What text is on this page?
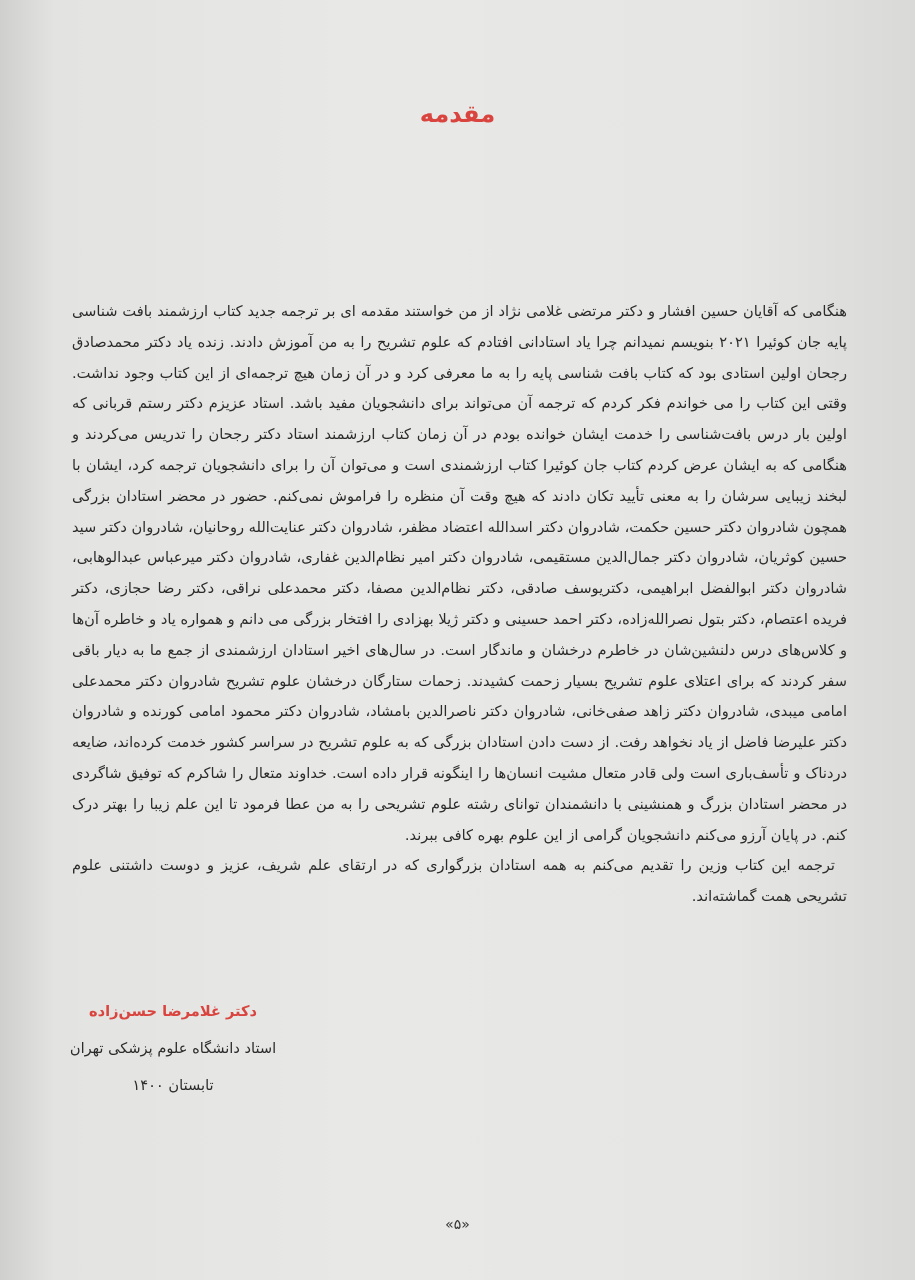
مقدمه

هنگامی که آقایان حسین افشار و دکتر مرتضی غلامی نژاد از من خواستند مقدمه ای بر ترجمه جدید کتاب ارزشمند بافت شناسی پایه جان کوئیرا ۲۰۲۱ بنویسم نمیدانم چرا یاد استادانی افتادم که علوم تشریح را به من آموزش دادند. زنده یاد دکتر محمدصادق رجحان اولین استادی بود که کتاب بافت شناسی پایه را به ما معرفی کرد و در آن زمان هیچ ترجمه‌ای از این کتاب وجود نداشت. وقتی این کتاب را می خواندم فکر کردم که ترجمه آن می‌تواند برای دانشجویان مفید باشد. استاد عزیزم دکتر رستم قربانی که اولین بار درس بافت‌شناسی را خدمت ایشان خوانده بودم در آن زمان کتاب ارزشمند استاد دکتر رجحان را تدریس می‌کردند و هنگامی که به ایشان عرض کردم کتاب جان کوئیرا کتاب ارزشمندی است و می‌توان آن را برای دانشجویان ترجمه کرد، ایشان با لبخند زیبایی سرشان را به معنی تأیید تکان دادند که هیچ وقت آن منظره را فراموش نمی‌کنم. حضور در محضر استادان بزرگی همچون شادروان دکتر حسین حکمت، شادروان دکتر اسدالله اعتضاد مظفر، شادروان دکتر عنایت‌الله روحانیان، شادروان دکتر سید حسین کوثریان، شادروان دکتر جمال‌الدین مستقیمی، شادروان دکتر امیر نظام‌الدین غفاری، شادروان دکتر میرعباس عبدالوهابی، شادروان دکتر ابوالفضل ابراهیمی، دکتریوسف صادقی، دکتر نظام‌الدین مصفا، دکتر محمدعلی نراقی، دکتر رضا حجازی، دکتر فریده اعتصام، دکتر بتول نصرالله‌زاده، دکتر احمد حسینی و دکتر ژیلا بهزادی را افتخار بزرگی می دانم و همواره یاد و خاطره آن‌ها و کلاس‌های درس دلنشین‌شان در خاطرم درخشان و ماندگار است. در سال‌های اخیر استادان ارزشمندی از جمع ما به دیار باقی سفر کردند که برای اعتلای علوم تشریح بسیار زحمت کشیدند. زحمات ستارگان درخشان علوم تشریح شادروان دکتر محمدعلی امامی میبدی، شادروان دکتر زاهد صفی‌خانی، شادروان دکتر ناصرالدین بامشاد، شادروان دکتر محمود امامی کورنده و شادروان دکتر علیرضا فاضل از یاد نخواهد رفت. از دست دادن استادان بزرگی که به علوم تشریح در سراسر کشور خدمت کرده‌اند، ضایعه دردناک و تأسف‌باری است ولی قادر متعال مشیت انسان‌ها را اینگونه قرار داده است. خداوند متعال را شاکرم که توفیق شاگردی در محضر استادان بزرگ و همنشینی با دانشمندان توانای رشته علوم تشریحی را به من عطا فرمود تا این علم زیبا را بهتر درک کنم. در پایان آرزو می‌کنم دانشجویان گرامی از این علوم بهره کافی ببرند.

ترجمه این کتاب وزین را تقدیم می‌کنم به همه استادان بزرگواری که در ارتقای علم شریف، عزیز و دوست داشتنی علوم تشریحی همت گماشته‌اند.

دکتر غلامرضا حسن‌زاده
استاد دانشگاه علوم پزشکی تهران
تابستان ۱۴۰۰
«۵»
